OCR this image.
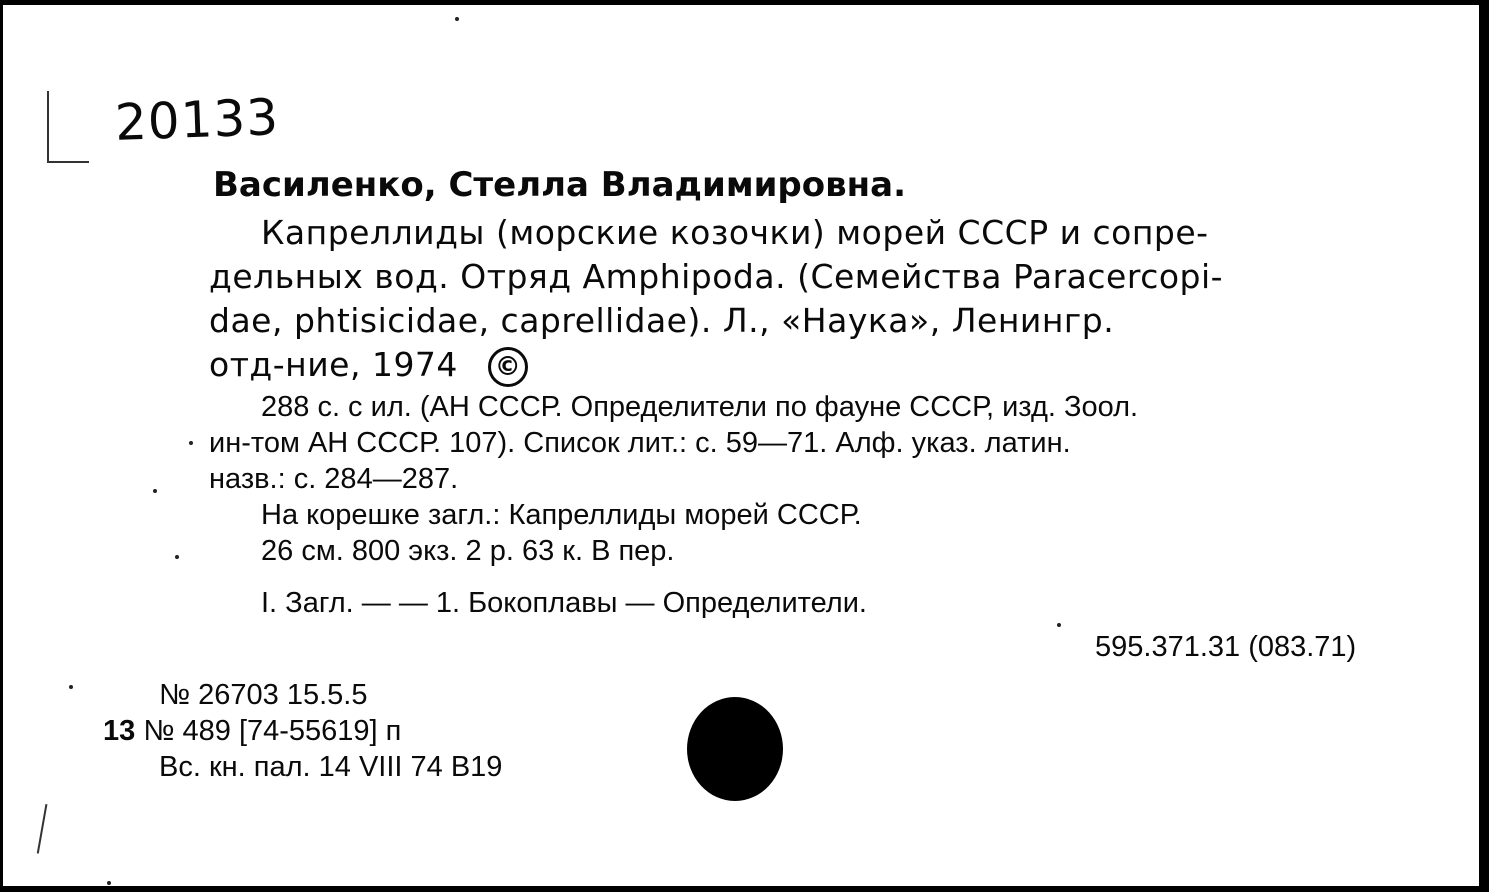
20133
Василенко, Стелла Владимировна.
Капреллиды (морские козочки) морей СССР и сопре-
дельных вод. Отряд Amphipoda. (Семейства Paracercopi-
dae, phtisicidae, caprellidae). Л., «Наука», Ленингр.
отд-ние, 1974 ©
288 с. с ил. (АН СССР. Определители по фауне СССР, изд. Зоол.
ин-том АН СССР. 107). Список лит.: с. 59—71. Алф. указ. латин.
назв.: с. 284—287.
На корешке загл.: Капреллиды морей СССР.
26 см. 800 экз. 2 р. 63 к. В пер.
I. Загл. — — 1. Бокоплавы — Определители.
595.371.31 (083.71)
№ 26703 15.5.5
13 № 489 [74-55619] п
Вс. кн. пал. 14 VIII 74 В19
